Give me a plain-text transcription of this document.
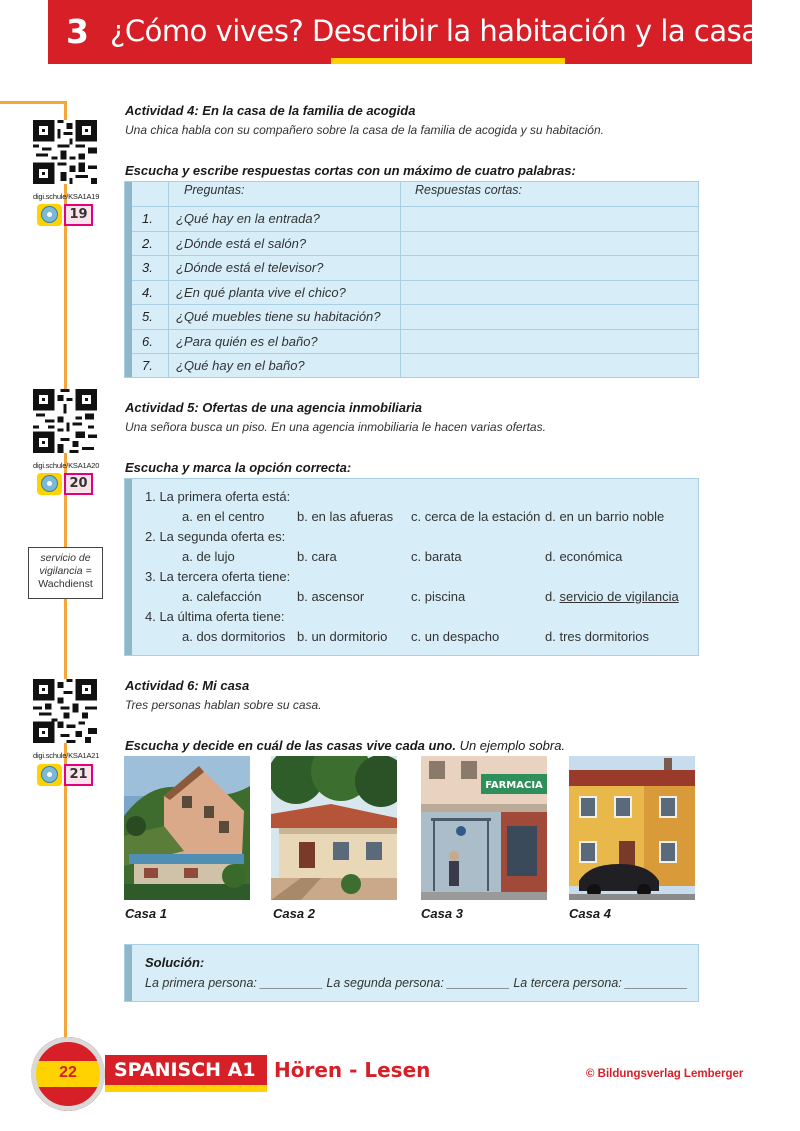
3 ¿Cómo vives? Describir la habitación y la casa
digi.schule/KSA1A19
19
Actividad 4: En la casa de la familia de acogida
Una chica habla con su compañero sobre la casa de la familia de acogida y su habitación.
Escucha y escribe respuestas cortas con un máximo de cuatro palabras:
Preguntas:	Respuestas cortas:
1.	¿Qué hay en la entrada?
2.	¿Dónde está el salón?
3.	¿Dónde está el televisor?
4.	¿En qué planta vive el chico?
5.	¿Qué muebles tiene su habitación?
6.	¿Para quién es el baño?
7.	¿Qué hay en el baño?
digi.schule/KSA1A20
20
servicio de
vigilancia =
Wachdienst
Actividad 5: Ofertas de una agencia inmobiliaria
Una señora busca un piso. En una agencia inmobiliaria le hacen varias ofertas.
Escucha y marca la opción correcta:
1. La primera oferta está:
a. en el centro	b. en las afueras c. cerca de la estación d. en un barrio noble
2. La segunda oferta es:
a. de lujo	b. cara	c. barata	d. económica
3. La tercera oferta tiene:
a. calefacción	b. ascensor	c. piscina	d. servicio de vigilancia
4. La última oferta tiene:
a. dos dormitorios b. un dormitorio c. un despacho	d. tres dormitorios
digi.schule/KSA1A21
21
Actividad 6: Mi casa
Tres personas hablan sobre su casa.
Escucha y decide en cuál de las casas vive cada uno. Un ejemplo sobra.
FARMACIA
Casa 1	Casa 2	Casa 3	Casa 4
Solución:
La primera persona: _________ La segunda persona: _________ La tercera persona: _________
22	SPANISCH A1 Hören - Lesen	© Bildungsverlag Lemberger
